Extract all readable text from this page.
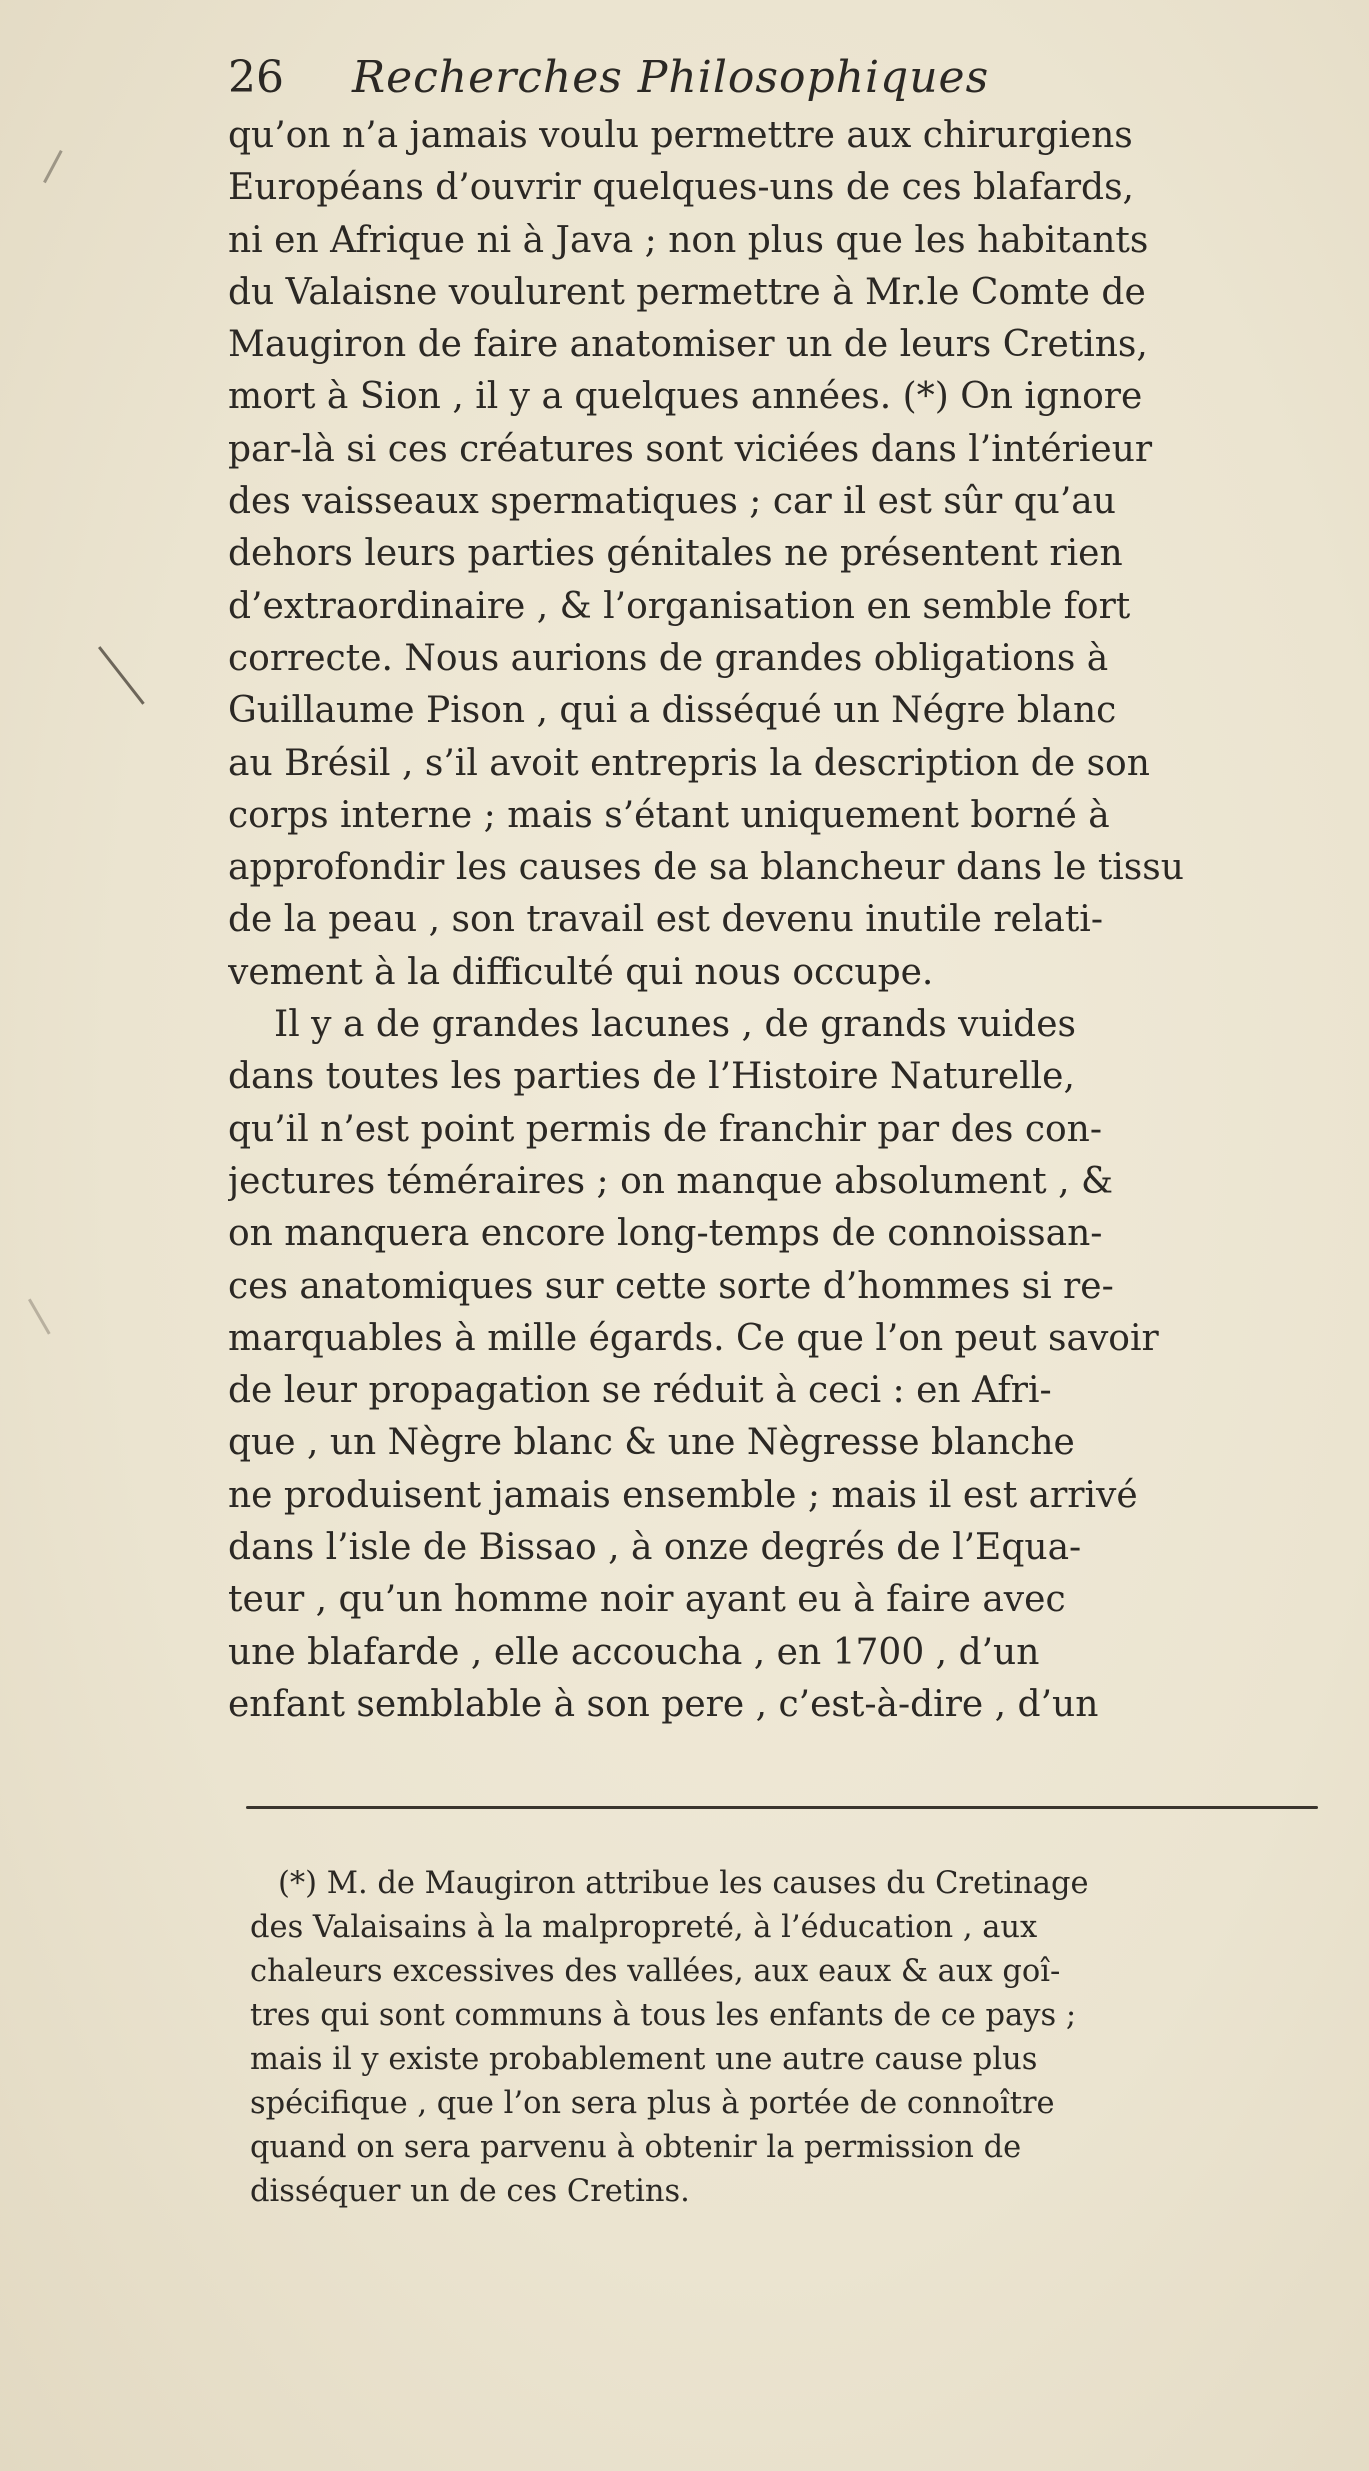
26 Recherches Philosophiques
qu’on n’a jamais voulu permettre aux chirurgiens
Européans d’ouvrir quelques-uns de ces blafards,
ni en Afrique ni à Java ; non plus que les habitants
du Valaisne voulurent permettre à Mr.le Comte de
Maugiron de faire anatomiser un de leurs Cretins,
mort à Sion , il y a quelques années. (*) On ignore
par-là si ces créatures sont viciées dans l’intérieur
des vaisseaux spermatiques ; car il est sûr qu’au
dehors leurs parties génitales ne présentent rien
d’extraordinaire , & l’organisation en semble fort
correcte. Nous aurions de grandes obligations à
Guillaume Pison , qui a disséqué un Négre blanc
au Brésil , s’il avoit entrepris la description de son
corps interne ; mais s’étant uniquement borné à
approfondir les causes de sa blancheur dans le tissu
de la peau , son travail est devenu inutile relati-
vement à la difficulté qui nous occupe.
Il y a de grandes lacunes , de grands vuides
dans toutes les parties de l’Histoire Naturelle,
qu’il n’est point permis de franchir par des con-
jectures téméraires ; on manque absolument , &
on manquera encore long-temps de connoissan-
ces anatomiques sur cette sorte d’hommes si re-
marquables à mille égards. Ce que l’on peut savoir
de leur propagation se réduit à ceci : en Afri-
que , un Nègre blanc & une Nègresse blanche
ne produisent jamais ensemble ; mais il est arrivé
dans l’isle de Bissao , à onze degrés de l’Equa-
teur , qu’un homme noir ayant eu à faire avec
une blafarde , elle accoucha , en 1700 , d’un
enfant semblable à son pere , c’est-à-dire , d’un
(*) M. de Maugiron attribue les causes du Cretinage
des Valaisains à la malpropreté, à l’éducation , aux
chaleurs excessives des vallées, aux eaux & aux goî-
tres qui sont communs à tous les enfants de ce pays ;
mais il y existe probablement une autre cause plus
spécifique , que l’on sera plus à portée de connoître
quand on sera parvenu à obtenir la permission de
disséquer un de ces Cretins.
